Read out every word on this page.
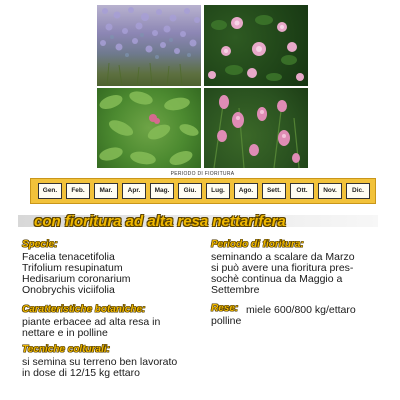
PERIODO DI FIORITURA
Gen.	Feb.	Mar.	Apr.	Mag.	Giu.	Lug.	Ago.	Sett.	Ott.	Nov.	Dic.
con fioritura ad alta resa nettarifera
Specie:
Facelia tenacetifolia
Trifolium resupinatum
Hedisarium coronarium
Onobrychis viciifolia
Caratteristiche botaniche:
piante erbacee ad alta resa in
nettare e in polline
Tecniche colturali:
si semina su terreno ben lavorato
in dose di 12/15 kg ettaro
Periodo di fioritura:
seminando a scalare da Marzo
si può avere una fioritura pres-
sochè continua da Maggio a
Settembre
Rese: miele 600/800 kg/ettaro
polline
